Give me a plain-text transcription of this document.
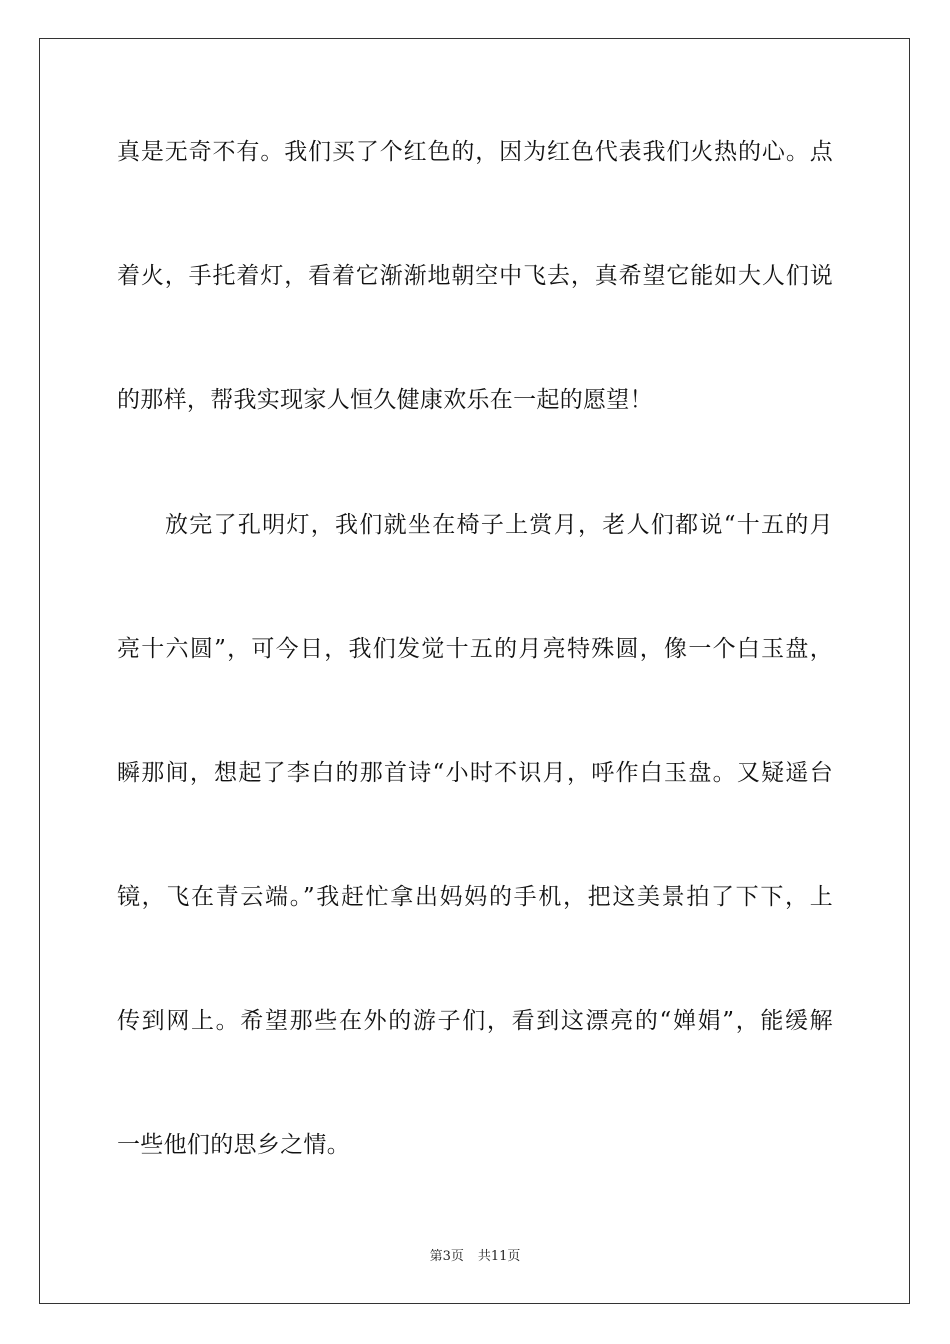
真是无奇不有。我们买了个红色的，因为红色代表我们火热的心。点
着火，手托着灯，看着它渐渐地朝空中飞去，真希望它能如大人们说
的那样，帮我实现家人恒久健康欢乐在一起的愿望！
放完了孔明灯，我们就坐在椅子上赏月，老人们都说“十五的月
亮十六圆”，可今日，我们发觉十五的月亮特殊圆，像一个白玉盘，
瞬那间，想起了李白的那首诗“小时不识月，呼作白玉盘。又疑遥台
镜，飞在青云端。”我赶忙拿出妈妈的手机，把这美景拍了下下，上
传到网上。希望那些在外的游子们，看到这漂亮的“婵娟”，能缓解
一些他们的思乡之情。
第3页 共11页
